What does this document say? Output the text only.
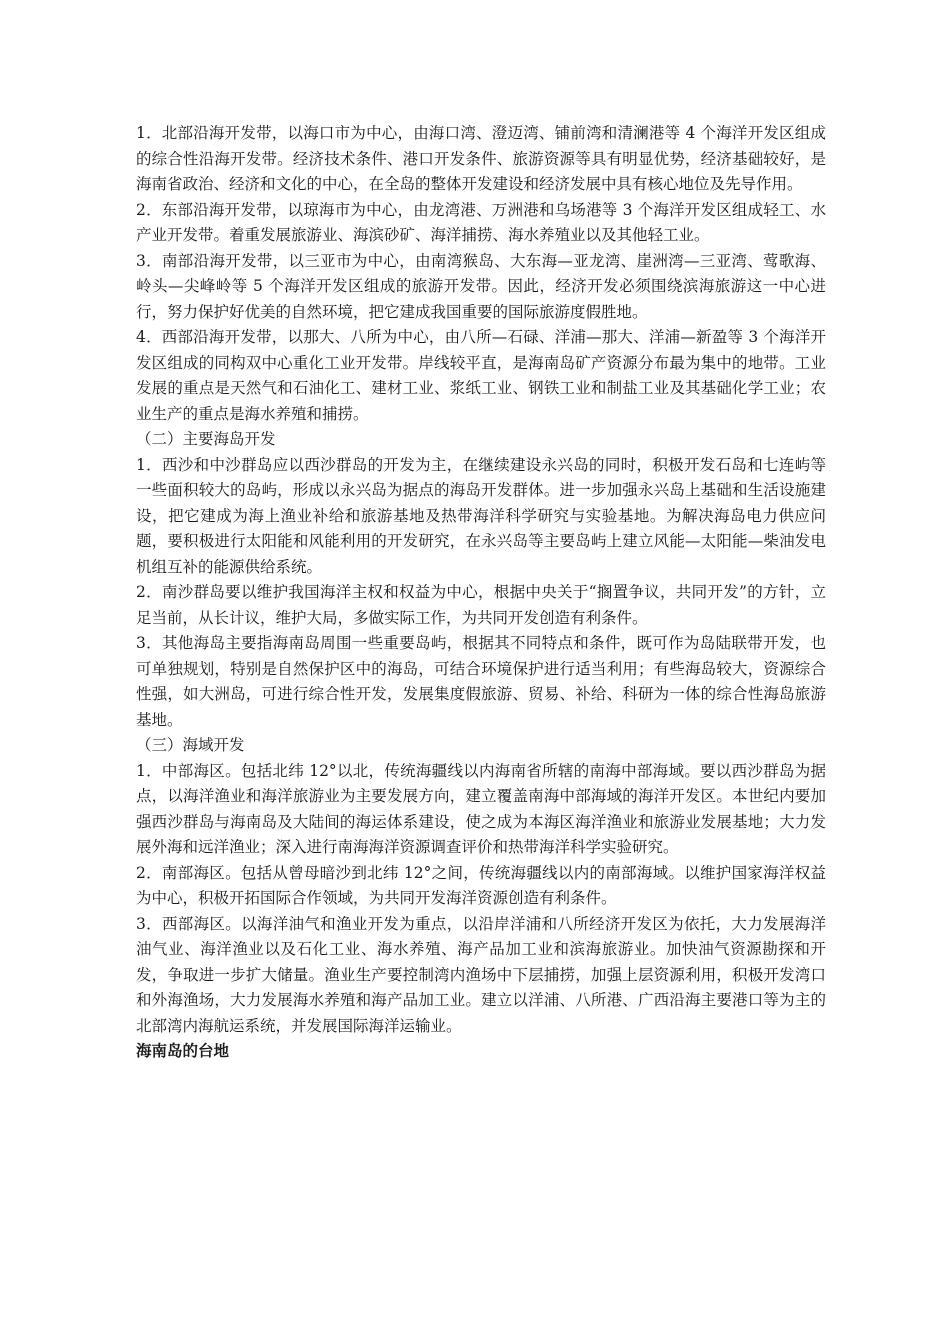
1．北部沿海开发带，以海口市为中心，由海口湾、澄迈湾、铺前湾和清澜港等 4 个海洋开发区组成的综合性沿海开发带。经济技术条件、港口开发条件、旅游资源等具有明显优势，经济基础较好，是海南省政治、经济和文化的中心，在全岛的整体开发建设和经济发展中具有核心地位及先导作用。

2．东部沿海开发带，以琼海市为中心，由龙湾港、万洲港和乌场港等 3 个海洋开发区组成轻工、水产业开发带。着重发展旅游业、海滨砂矿、海洋捕捞、海水养殖业以及其他轻工业。

3．南部沿海开发带，以三亚市为中心，由南湾猴岛、大东海—亚龙湾、崖洲湾—三亚湾、莺歌海、岭头—尖峰岭等 5 个海洋开发区组成的旅游开发带。因此，经济开发必须围绕滨海旅游这一中心进行，努力保护好优美的自然环境，把它建成我国重要的国际旅游度假胜地。

4．西部沿海开发带，以那大、八所为中心，由八所—石碌、洋浦—那大、洋浦—新盈等 3 个海洋开发区组成的同构双中心重化工业开发带。岸线较平直，是海南岛矿产资源分布最为集中的地带。工业发展的重点是天然气和石油化工、建材工业、浆纸工业、钢铁工业和制盐工业及其基础化学工业；农业生产的重点是海水养殖和捕捞。

（二）主要海岛开发

1．西沙和中沙群岛应以西沙群岛的开发为主，在继续建设永兴岛的同时，积极开发石岛和七连屿等一些面积较大的岛屿，形成以永兴岛为据点的海岛开发群体。进一步加强永兴岛上基础和生活设施建设，把它建成为海上渔业补给和旅游基地及热带海洋科学研究与实验基地。为解决海岛电力供应问题，要积极进行太阳能和风能利用的开发研究，在永兴岛等主要岛屿上建立风能—太阳能—柴油发电机组互补的能源供给系统。

2．南沙群岛要以维护我国海洋主权和权益为中心，根据中央关于“搁置争议，共同开发”的方针，立足当前，从长计议，维护大局，多做实际工作，为共同开发创造有利条件。

3．其他海岛主要指海南岛周围一些重要岛屿，根据其不同特点和条件，既可作为岛陆联带开发，也可单独规划，特别是自然保护区中的海岛，可结合环境保护进行适当利用；有些海岛较大，资源综合性强，如大洲岛，可进行综合性开发，发展集度假旅游、贸易、补给、科研为一体的综合性海岛旅游基地。

（三）海域开发

1．中部海区。包括北纬 12°以北，传统海疆线以内海南省所辖的南海中部海域。要以西沙群岛为据点，以海洋渔业和海洋旅游业为主要发展方向，建立覆盖南海中部海域的海洋开发区。本世纪内要加强西沙群岛与海南岛及大陆间的海运体系建设，使之成为本海区海洋渔业和旅游业发展基地；大力发展外海和远洋渔业；深入进行南海海洋资源调查评价和热带海洋科学实验研究。

2．南部海区。包括从曾母暗沙到北纬 12°之间，传统海疆线以内的南部海域。以维护国家海洋权益为中心，积极开拓国际合作领域，为共同开发海洋资源创造有利条件。

3．西部海区。以海洋油气和渔业开发为重点，以沿岸洋浦和八所经济开发区为依托，大力发展海洋油气业、海洋渔业以及石化工业、海水养殖、海产品加工业和滨海旅游业。加快油气资源勘探和开发，争取进一步扩大储量。渔业生产要控制湾内渔场中下层捕捞，加强上层资源利用，积极开发湾口和外海渔场，大力发展海水养殖和海产品加工业。建立以洋浦、八所港、广西沿海主要港口等为主的北部湾内海航运系统，并发展国际海洋运输业。

海南岛的台地
